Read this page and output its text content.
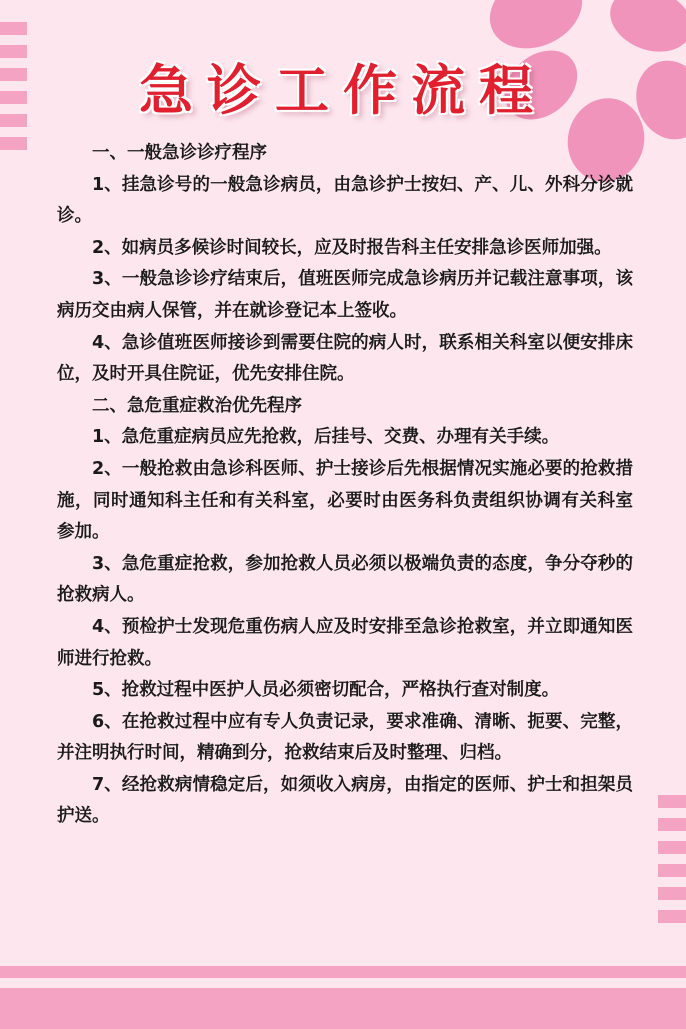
急诊工作流程

一、一般急诊诊疗程序

1、挂急诊号的一般急诊病员，由急诊护士按妇、产、儿、外科分诊就诊。

2、如病员多候诊时间较长，应及时报告科主任安排急诊医师加强。

3、一般急诊诊疗结束后，值班医师完成急诊病历并记载注意事项，该病历交由病人保管，并在就诊登记本上签收。

4、急诊值班医师接诊到需要住院的病人时，联系相关科室以便安排床位，及时开具住院证，优先安排住院。

二、急危重症救治优先程序

1、急危重症病员应先抢救，后挂号、交费、办理有关手续。

2、一般抢救由急诊科医师、护士接诊后先根据情况实施必要的抢救措施，同时通知科主任和有关科室，必要时由医务科负责组织协调有关科室参加。

3、急危重症抢救，参加抢救人员必须以极端负责的态度，争分夺秒的抢救病人。

4、预检护士发现危重伤病人应及时安排至急诊抢救室，并立即通知医师进行抢救。

5、抢救过程中医护人员必须密切配合，严格执行查对制度。

6、在抢救过程中应有专人负责记录，要求准确、清晰、扼要、完整，并注明执行时间，精确到分，抢救结束后及时整理、归档。

7、经抢救病情稳定后，如须收入病房，由指定的医师、护士和担架员护送。
